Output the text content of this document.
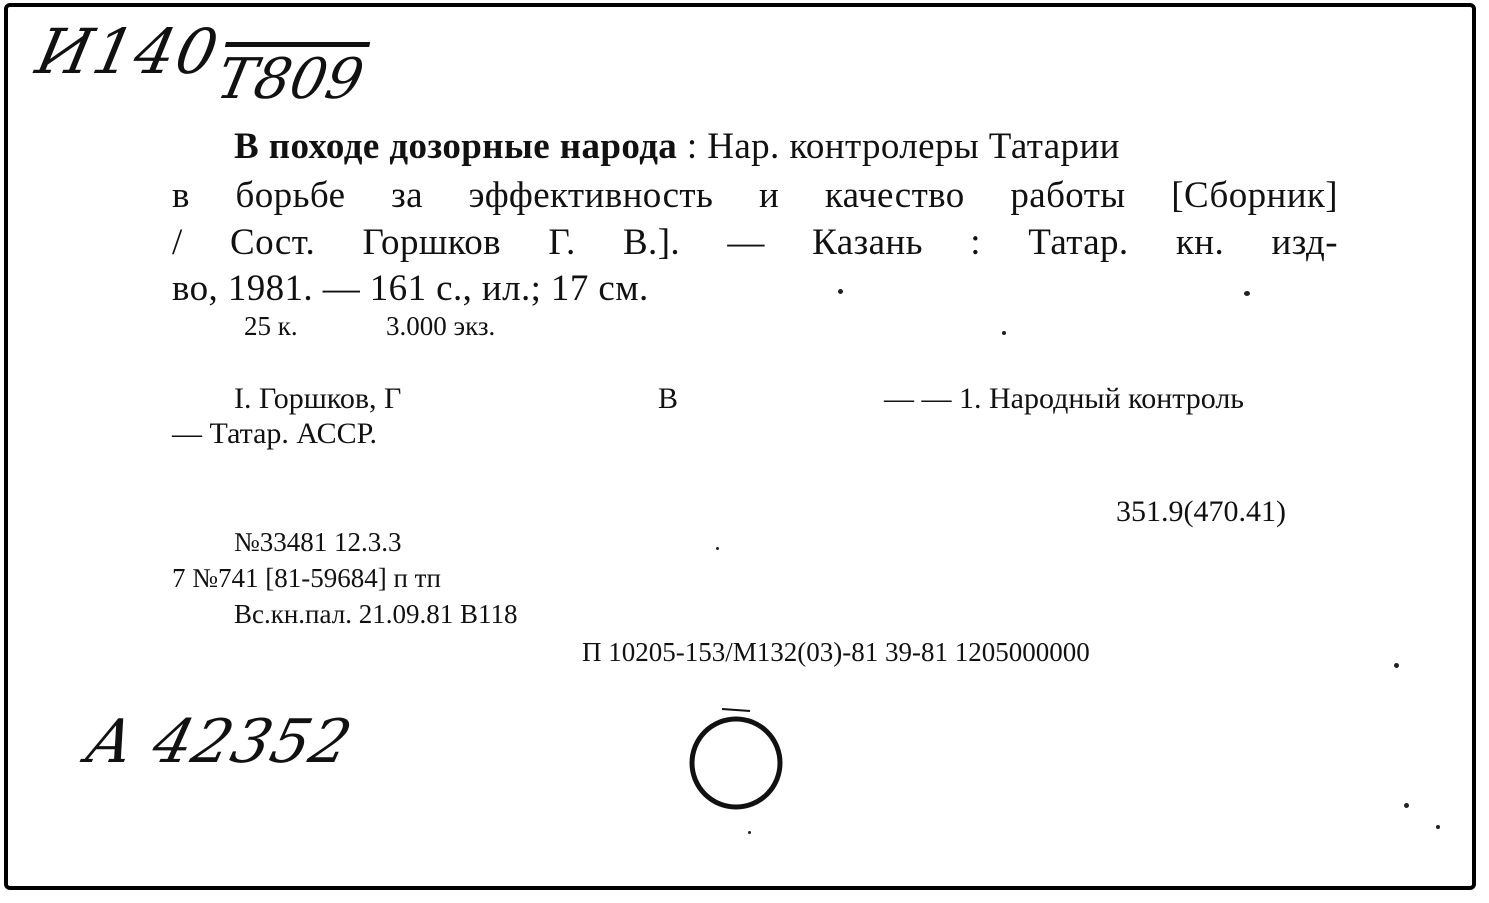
И140
Т809
В походе дозорные народа : Нар. контролеры Татарии
в борьбе за эффективность и качество работы [Сборник]
/ Сост. Горшков Г. В.]. — Казань : Татар. кн. изд-
во, 1981. — 161 с., ил.; 17 см.
25 к.	3.000 экз.
I. Горшков, Г	В	— — 1. Народный контроль
— Татар. АССР.
351.9(470.41)
№33481 12.3.3
7 №741 [81-59684] п тп
Вс.кн.пал. 21.09.81 В118
П 10205-153/М132(03)-81 39-81 1205000000
А 42352
